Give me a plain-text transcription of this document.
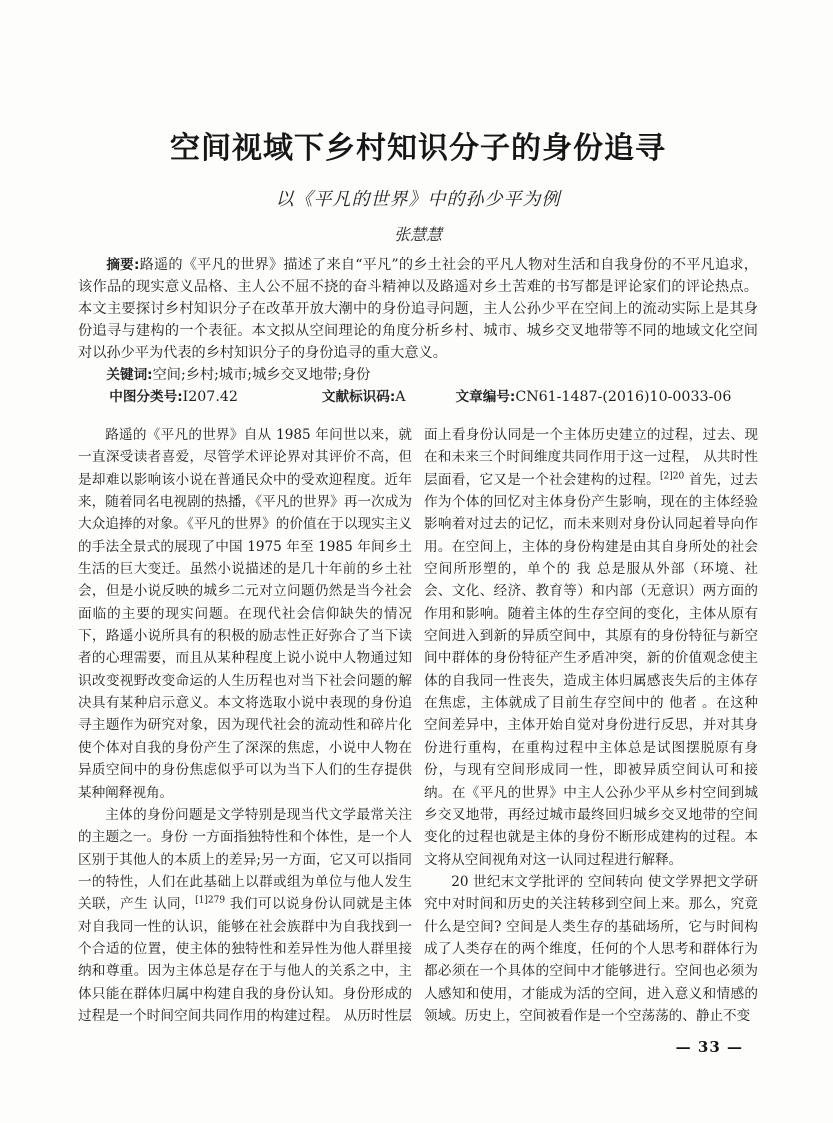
空间视域下乡村知识分子的身份追寻
以《平凡的世界》中的孙少平为例
张慧慧

摘要:路遥的《平凡的世界》描述了来自“平凡”的乡土社会的平凡人物对生活和自我身份的不平凡追求，该作品的现实意义品格、主人公不屈不挠的奋斗精神以及路遥对乡土苦难的书写都是评论家们的评论热点。本文主要探讨乡村知识分子在改革开放大潮中的身份追寻问题，主人公孙少平在空间上的流动实际上是其身份追寻与建构的一个表征。本文拟从空间理论的角度分析乡村、城市、城乡交叉地带等不同的地域文化空间对以孙少平为代表的乡村知识分子的身份追寻的重大意义。

关键词:空间;乡村;城市;城乡交叉地带;身份

中图分类号:I207.42	文献标识码:A	文章编号:CN61-1487-(2016)10-0033-06

路遥的《平凡的世界》自从 1985 年问世以来，就一直深受读者喜爱，尽管学术评论界对其评价不高，但是却难以影响该小说在普通民众中的受欢迎程度。近年来，随着同名电视剧的热播，《平凡的世界》再一次成为大众追捧的对象。《平凡的世界》的价值在于以现实主义的手法全景式的展现了中国 1975 年至 1985 年间乡土生活的巨大变迁。虽然小说描述的是几十年前的乡土社会，但是小说反映的城乡二元对立问题仍然是当今社会面临的主要的现实问题。在现代社会信仰缺失的情况下，路遥小说所具有的积极的励志性正好弥合了当下读者的心理需要，而且从某种程度上说小说中人物通过知识改变视野改变命运的人生历程也对当下社会问题的解决具有某种启示意义。本文将选取小说中表现的身份追寻主题作为研究对象，因为现代社会的流动性和碎片化使个体对自我的身份产生了深深的焦虑，小说中人物在异质空间中的身份焦虑似乎可以为当下人们的生存提供某种阐释视角。

主体的身份问题是文学特别是现当代文学最常关注的主题之一。身份 一方面指独特性和个体性，是一个人区别于其他人的本质上的差异;另一方面，它又可以指同一的特性，人们在此基础上以群或组为单位与他人发生关联，产生 认同，$^{[1]279}$ 我们可以说身份认同就是主体对自我同一性的认识，能够在社会族群中为自我找到一个合适的位置，使主体的独特性和差异性为他人群里接纳和尊重。因为主体总是存在于与他人的关系之中，主体只能在群体归属中构建自我的身份认知。身份形成的过程是一个时间空间共同作用的构建过程。 从历时性层面上看身份认同是一个主体历史建立的过程，过去、现在和未来三个时间维度共同作用于这一过程， 从共时性层面看，它又是一个社会建构的过程。$^{[2]20}$ 首先，过去作为个体的回忆对主体身份产生影响，现在的主体经验影响着对过去的记忆，而未来则对身份认同起着导向作用。在空间上，主体的身份构建是由其自身所处的社会空间所形塑的，单个的 我 总是服从外部（环境、社会、文化、经济、教育等）和内部（无意识）两方面的作用和影响。随着主体的生存空间的变化，主体从原有空间进入到新的异质空间中，其原有的身份特征与新空间中群体的身份特征产生矛盾冲突，新的价值观念使主体的自我同一性丧失，造成主体归属感丧失后的主体存在焦虑，主体就成了目前生存空间中的 他者 。在这种空间差异中，主体开始自觉对身份进行反思，并对其身份进行重构，在重构过程中主体总是试图摆脱原有身份，与现有空间形成同一性，即被异质空间认可和接纳。在《平凡的世界》中主人公孙少平从乡村空间到城乡交叉地带，再经过城市最终回归城乡交叉地带的空间变化的过程也就是主体的身份不断形成建构的过程。本文将从空间视角对这一认同过程进行解释。

20 世纪末文学批评的 空间转向 使文学界把文学研究中对时间和历史的关注转移到空间上来。那么，究竟什么是空间? 空间是人类生存的基础场所，它与时间构成了人类存在的两个维度，任何的个人思考和群体行为都必须在一个具体的空间中才能够进行。空间也必须为人感知和使用，才能成为活的空间，进入意义和情感的领域。历史上，空间被看作是一个空荡荡的、静止不变

— 33 —
